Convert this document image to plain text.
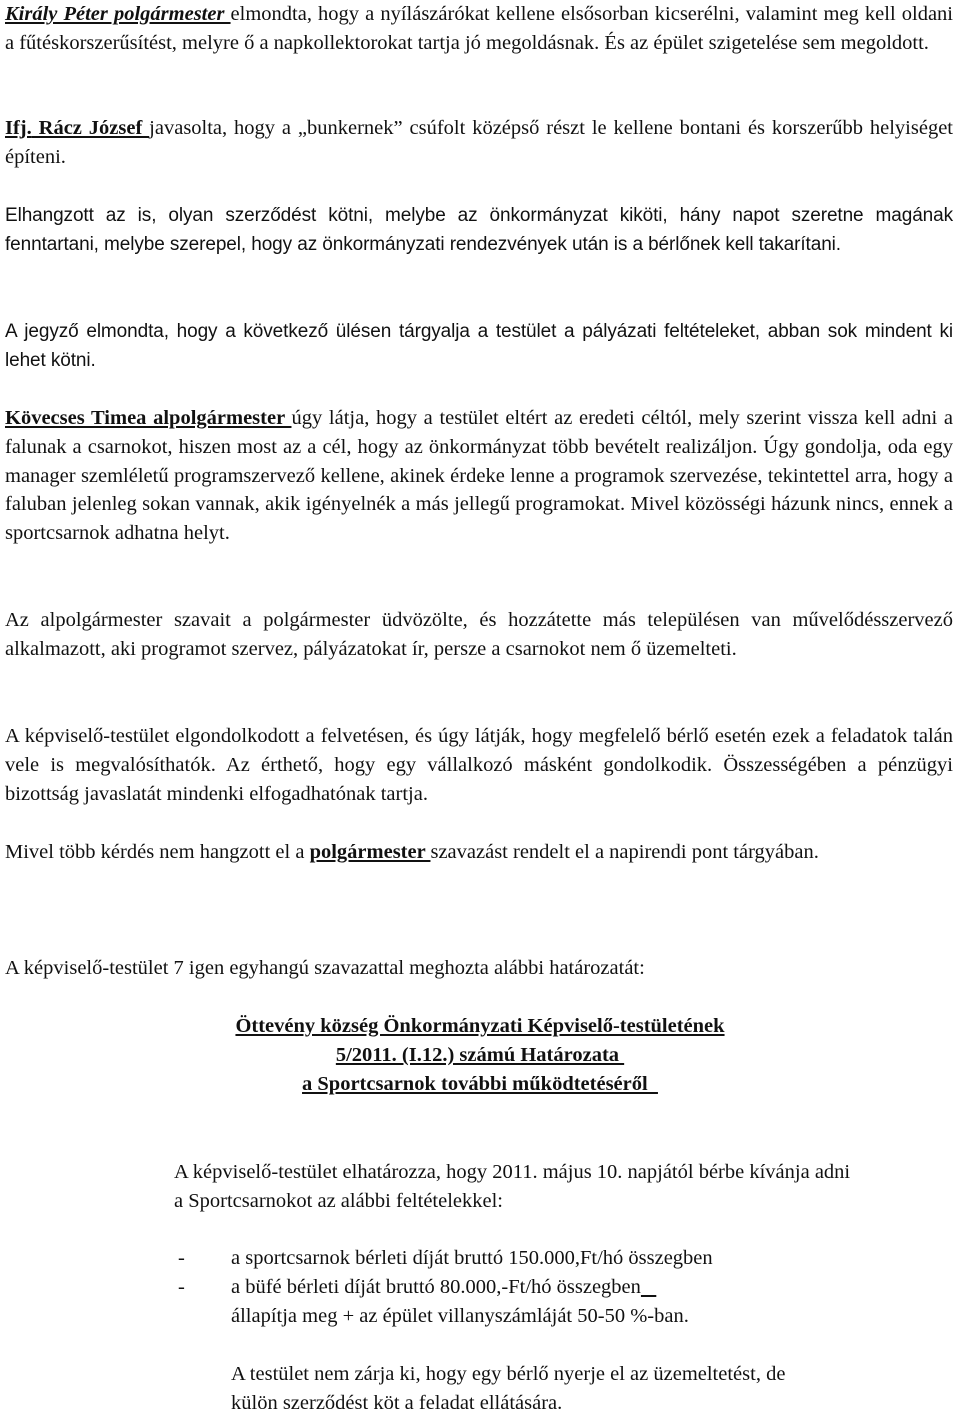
Király Péter polgármester elmondta, hogy a nyílászárókat kellene elsősorban kicserélni, valamint meg kell oldani a fűtéskorszerűsítést, melyre ő a napkollektorokat tartja jó megoldásnak. És az épület szigetelése sem megoldott.

Ifj. Rácz József javasolta, hogy a „bunkernek” csúfolt középső részt le kellene bontani és korszerűbb helyiséget építeni.

Elhangzott az is, olyan szerződést kötni, melybe az önkormányzat kiköti, hány napot szeretne magának fenntartani, melybe szerepel, hogy az önkormányzati rendezvények után is a bérlőnek kell takarítani.

A jegyző elmondta, hogy a következő ülésen tárgyalja a testület a pályázati feltételeket, abban sok mindent ki lehet kötni.

Kövecses Timea alpolgármester úgy látja, hogy a testület eltért az eredeti céltól, mely szerint vissza kell adni a falunak a csarnokot, hiszen most az a cél, hogy az önkormányzat több bevételt realizáljon. Úgy gondolja, oda egy manager szemléletű programszervező kellene, akinek érdeke lenne a programok szervezése, tekintettel arra, hogy a faluban jelenleg sokan vannak, akik igényelnék a más jellegű programokat. Mivel közösségi házunk nincs, ennek a sportcsarnok adhatna helyt.

Az alpolgármester szavait a polgármester üdvözölte, és hozzátette más településen van művelődésszervező alkalmazott, aki programot szervez, pályázatokat ír, persze a csarnokot nem ő üzemelteti.

A képviselő-testület elgondolkodott a felvetésen, és úgy látják, hogy megfelelő bérlő esetén ezek a feladatok talán vele is megvalósíthatók. Az érthető, hogy egy vállalkozó másként gondolkodik. Összességében a pénzügyi bizottság javaslatát mindenki elfogadhatónak tartja.

Mivel több kérdés nem hangzott el a polgármester szavazást rendelt el a napirendi pont tárgyában.

A képviselő-testület 7 igen egyhangú szavazattal meghozta alábbi határozatát:

Öttevény község Önkormányzati Képviselő-testületének

5/2011. (I.12.) számú Határozata

a Sportcsarnok további működtetéséről

A képviselő-testület elhatározza, hogy 2011. május 10. napjától bérbe kívánja adni a Sportcsarnokot az alábbi feltételekkel:

- a sportcsarnok bérleti díját bruttó 150.000,Ft/hó összegben

- a büfé bérleti díját bruttó 80.000,-Ft/hó összegben

állapítja meg + az épület villanyszámláját 50-50 %-ban.

A testület nem zárja ki, hogy egy bérlő nyerje el az üzemeltetést, de külön szerződést köt a feladat ellátására.
